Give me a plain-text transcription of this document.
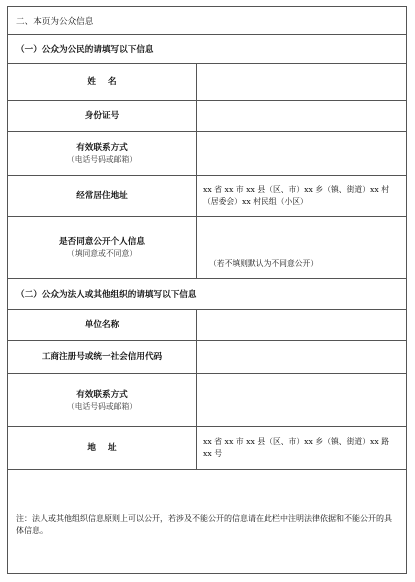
二、本页为公众信息
（一）公众为公民的请填写以下信息
姓    名
身份证号
有效联系方式
（电话号码或邮箱）
经常居住地址
xx 省 xx 市 xx 县（区、市）xx 乡（镇、街道）xx 村（居委会）xx 村民组（小区）
是否同意公开个人信息
（填同意或不同意）
（若不填则默认为不同意公开）
（二）公众为法人或其他组织的请填写以下信息
单位名称
工商注册号或统一社会信用代码
有效联系方式
（电话号码或邮箱）
地    址
xx 省 xx 市 xx 县（区、市）xx 乡（镇、街道）xx 路 xx 号
注：法人或其他组织信息原则上可以公开，若涉及不能公开的信息请在此栏中注明法律依据和不能公开的具体信息。
